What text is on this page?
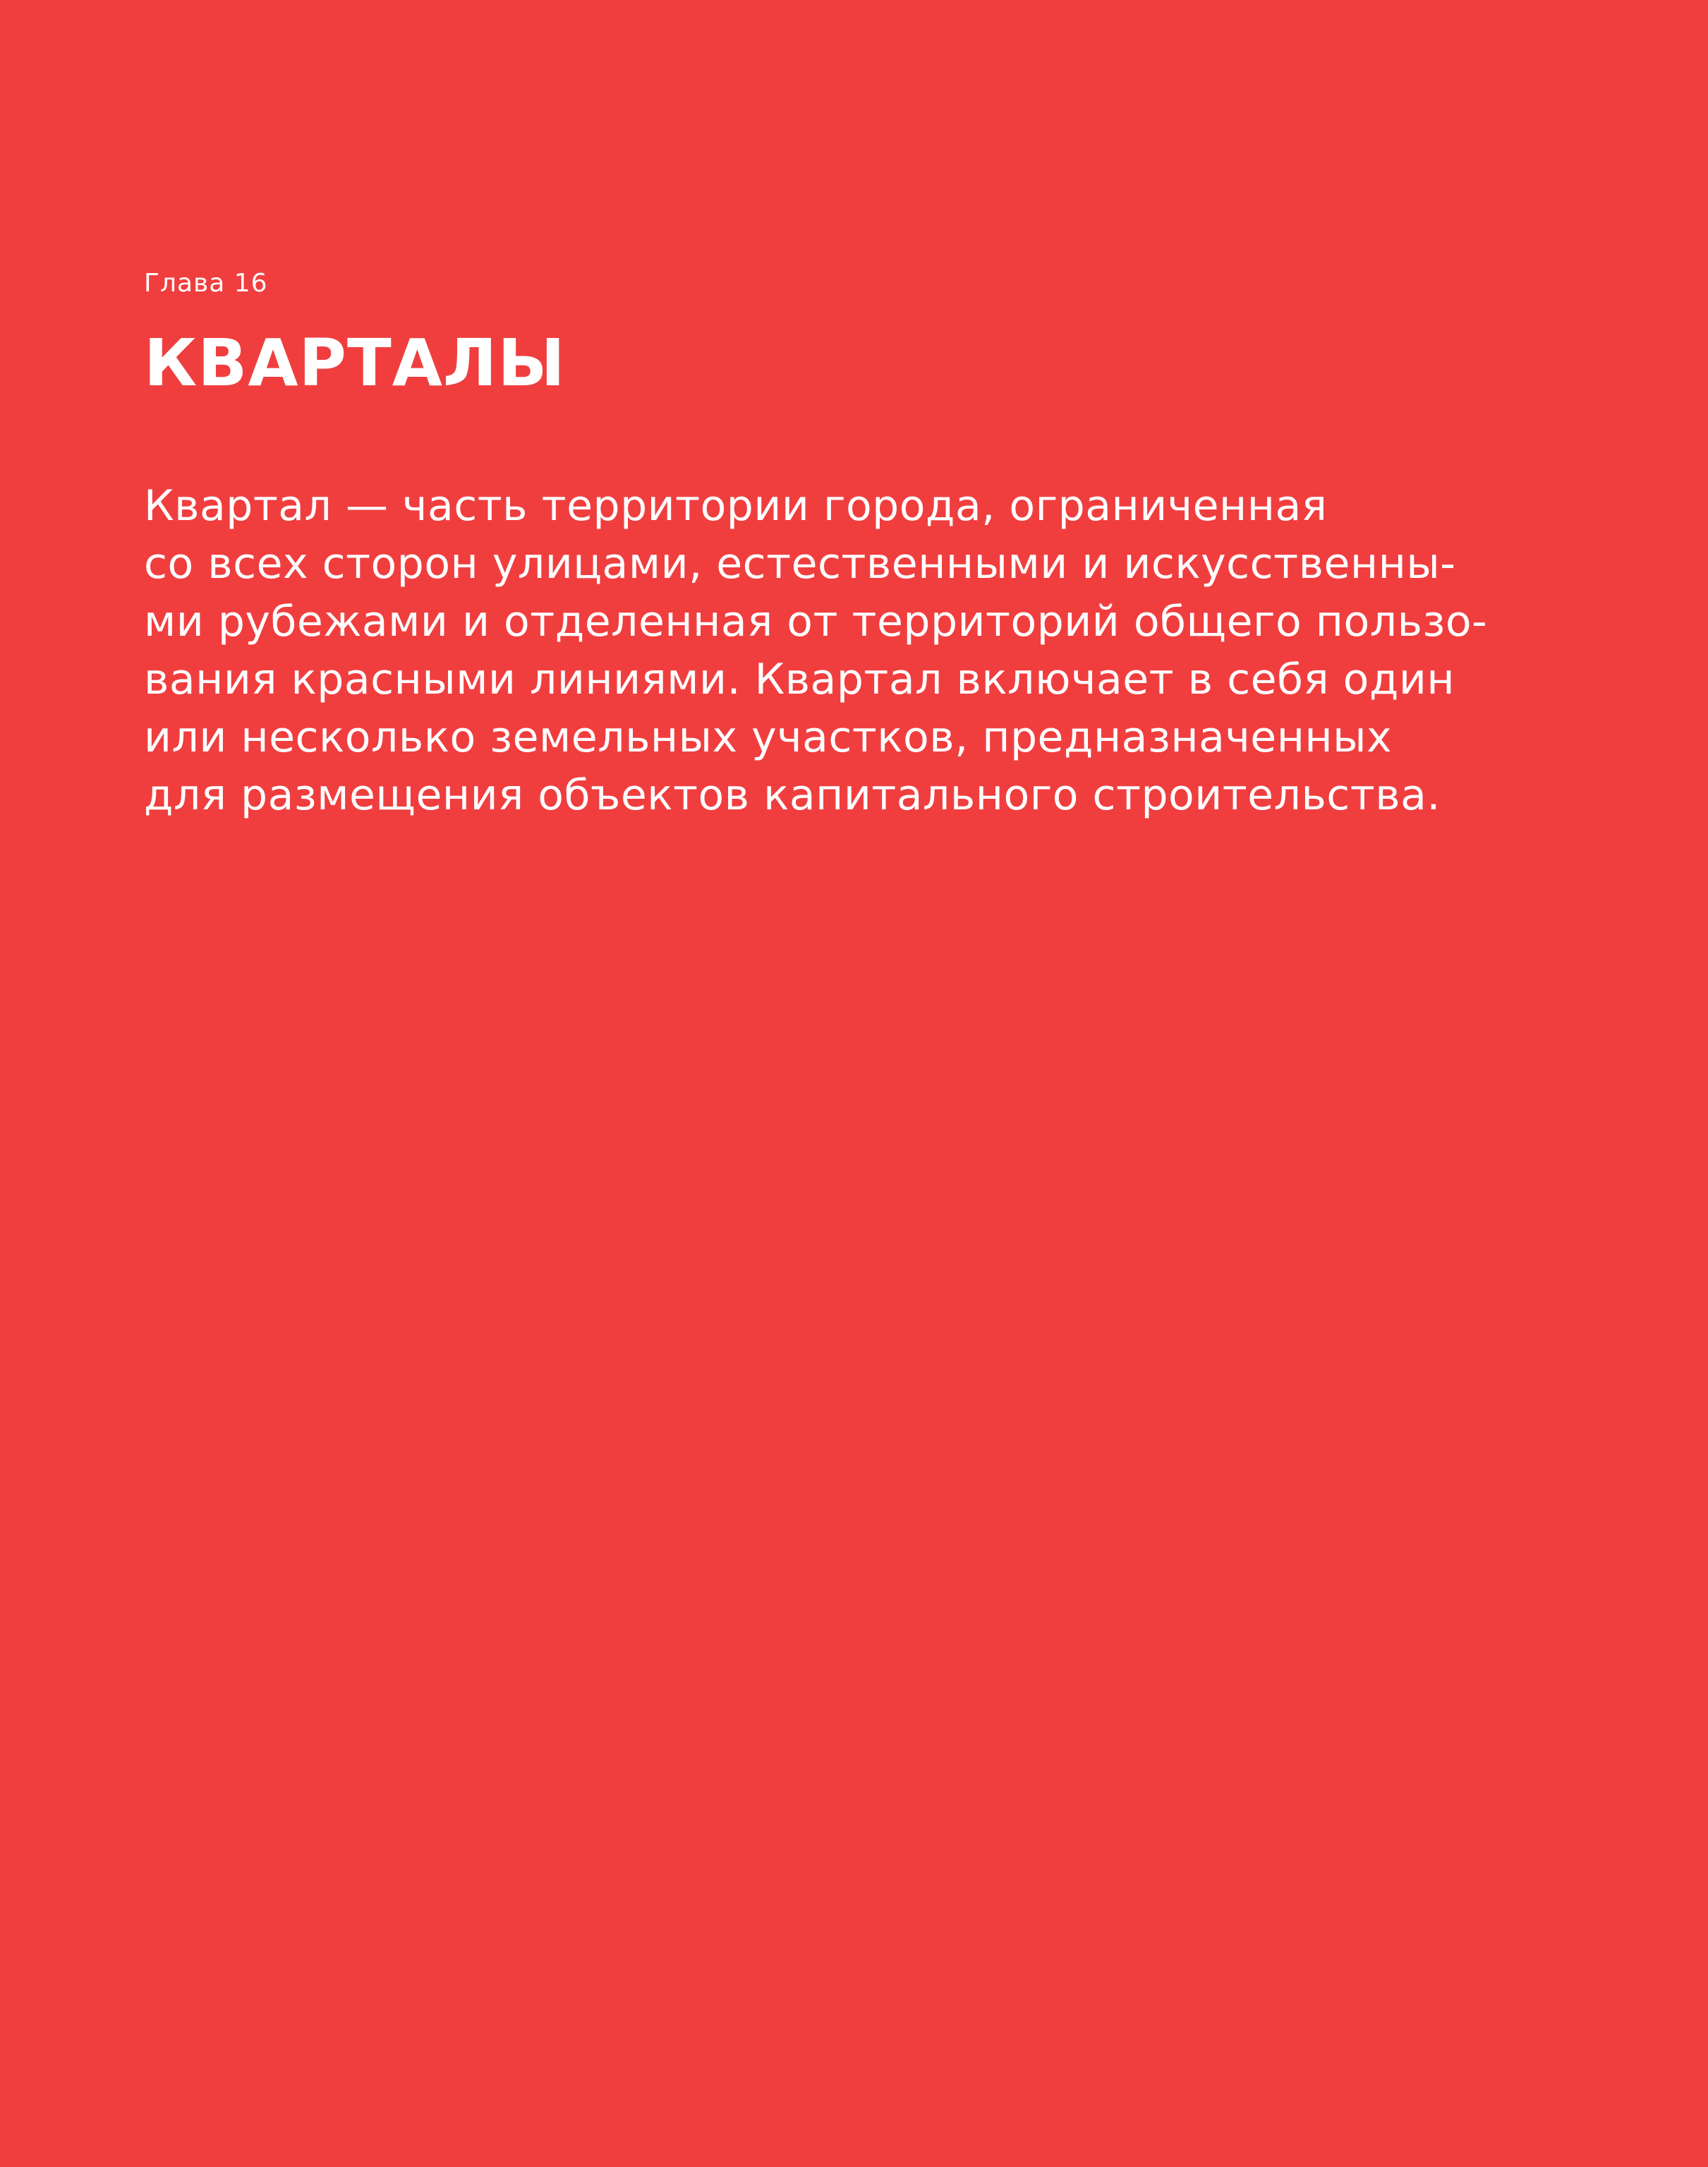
Глава 16

КВАРТАЛЫ

Квартал — часть территории города, ограниченная
со всех сторон улицами, естественными и искусственны-
ми рубежами и отделенная от территорий общего пользо-
вания красными линиями. Квартал включает в себя один
или несколько земельных участков, предназначенных
для размещения объектов капитального строительства.
